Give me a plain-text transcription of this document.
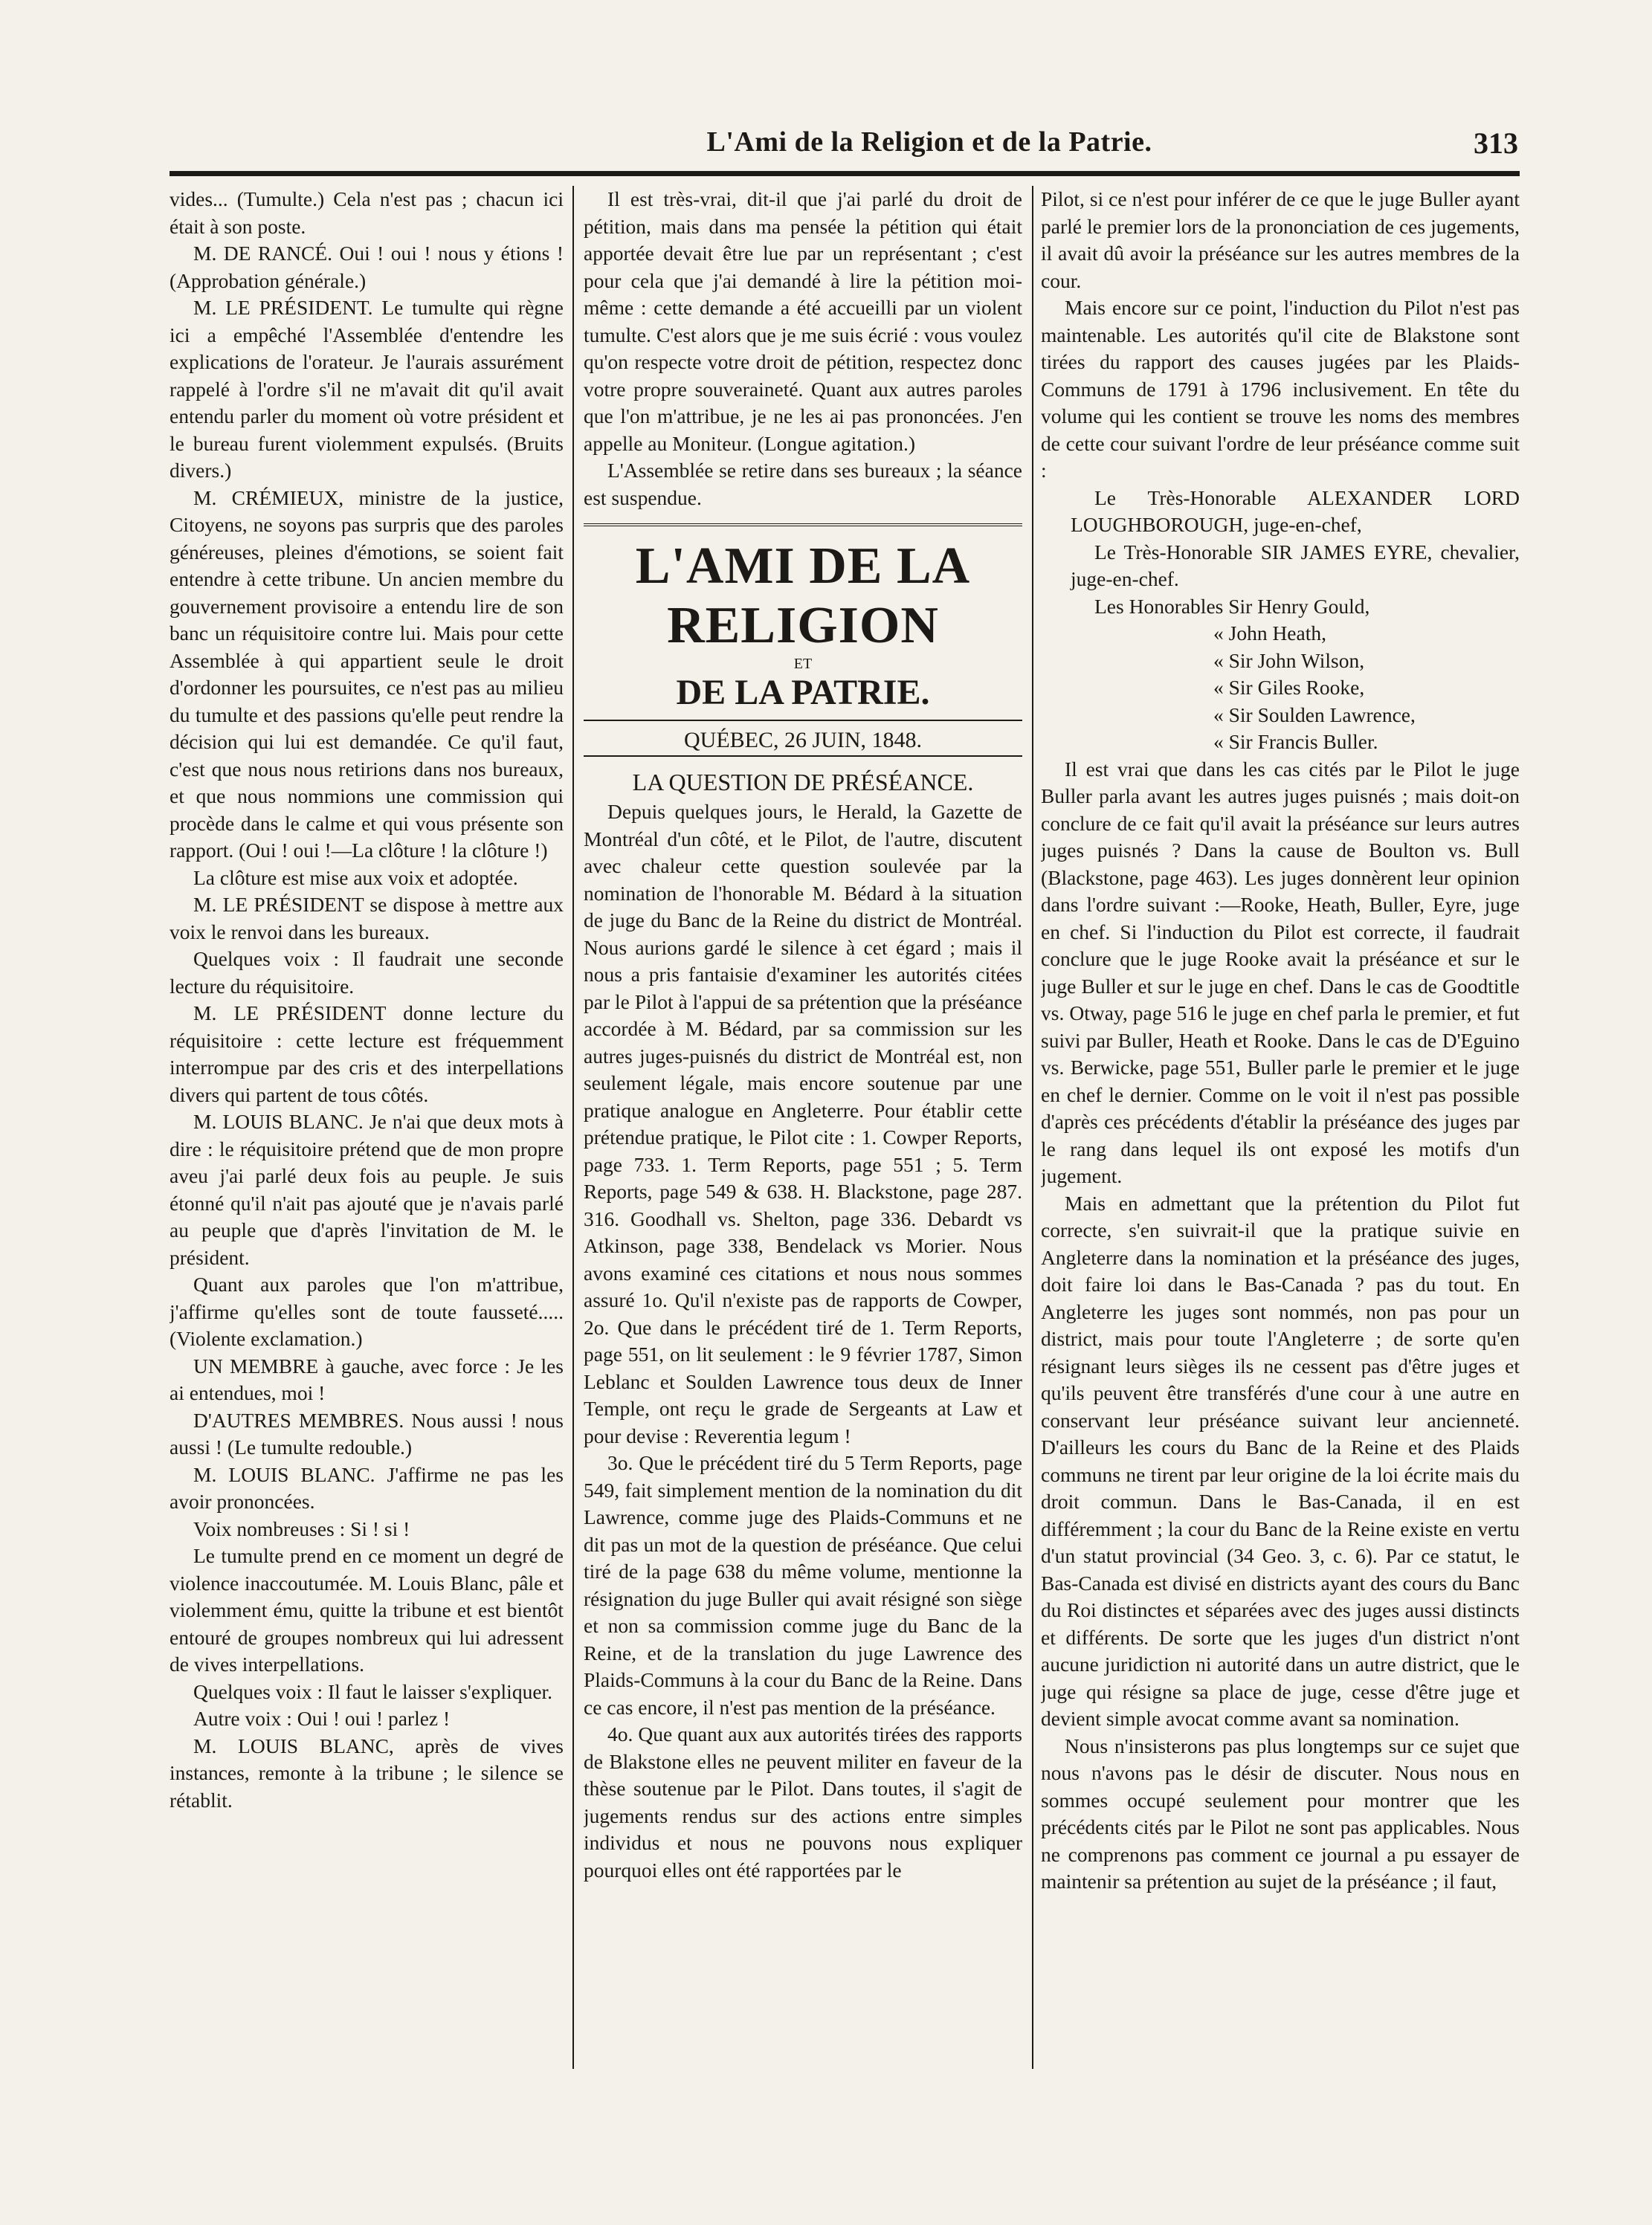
L'Ami de la Religion et de la Patrie.	313

vides... (Tumulte.) Cela n'est pas ; chacun ici était à son poste.

M. DE RANCÉ. Oui ! oui ! nous y étions ! (Approbation générale.)

M. LE PRÉSIDENT. Le tumulte qui règne ici a empêché l'Assemblée d'entendre les explications de l'orateur. Je l'aurais assurément rappelé à l'ordre s'il ne m'avait dit qu'il avait entendu parler du moment où votre président et le bureau furent violemment expulsés. (Bruits divers.)

M. CRÉMIEUX, ministre de la justice, Citoyens, ne soyons pas surpris que des paroles généreuses, pleines d'émotions, se soient fait entendre à cette tribune. Un ancien membre du gouvernement provisoire a entendu lire de son banc un réquisitoire contre lui. Mais pour cette Assemblée à qui appartient seule le droit d'ordonner les poursuites, ce n'est pas au milieu du tumulte et des passions qu'elle peut rendre la décision qui lui est demandée. Ce qu'il faut, c'est que nous nous retirions dans nos bureaux, et que nous nommions une commission qui procède dans le calme et qui vous présente son rapport. (Oui ! oui !—La clôture ! la clôture !)

La clôture est mise aux voix et adoptée.

M. LE PRÉSIDENT se dispose à mettre aux voix le renvoi dans les bureaux.

Quelques voix : Il faudrait une seconde lecture du réquisitoire.

M. LE PRÉSIDENT donne lecture du réquisitoire : cette lecture est fréquemment interrompue par des cris et des interpellations divers qui partent de tous côtés.

M. LOUIS BLANC. Je n'ai que deux mots à dire : le réquisitoire prétend que de mon propre aveu j'ai parlé deux fois au peuple. Je suis étonné qu'il n'ait pas ajouté que je n'avais parlé au peuple que d'après l'invitation de M. le président.

Quant aux paroles que l'on m'attribue, j'affirme qu'elles sont de toute fausseté..... (Violente exclamation.)

UN MEMBRE à gauche, avec force : Je les ai entendues, moi !

D'AUTRES MEMBRES. Nous aussi ! nous aussi ! (Le tumulte redouble.)

M. LOUIS BLANC. J'affirme ne pas les avoir prononcées.

Voix nombreuses : Si ! si !

Le tumulte prend en ce moment un degré de violence inaccoutumée. M. Louis Blanc, pâle et violemment ému, quitte la tribune et est bientôt entouré de groupes nombreux qui lui adressent de vives interpellations.

Quelques voix : Il faut le laisser s'expliquer.

Autre voix : Oui ! oui ! parlez !

M. LOUIS BLANC, après de vives instances, remonte à la tribune ; le silence se rétablit.

Il est très-vrai, dit-il que j'ai parlé du droit de pétition, mais dans ma pensée la pétition qui était apportée devait être lue par un représentant ; c'est pour cela que j'ai demandé à lire la pétition moi-même : cette demande a été accueilli par un violent tumulte. C'est alors que je me suis écrié : vous voulez qu'on respecte votre droit de pétition, respectez donc votre propre souveraineté. Quant aux autres paroles que l'on m'attribue, je ne les ai pas prononcées. J'en appelle au Moniteur. (Longue agitation.)

L'Assemblée se retire dans ses bureaux ; la séance est suspendue.

L'AMI DE LA RELIGION
ET
DE LA PATRIE.
QUÉBEC, 26 JUIN, 1848.
LA QUESTION DE PRÉSÉANCE.

Depuis quelques jours, le Herald, la Gazette de Montréal d'un côté, et le Pilot, de l'autre, discutent avec chaleur cette question soulevée par la nomination de l'honorable M. Bédard à la situation de juge du Banc de la Reine du district de Montréal. Nous aurions gardé le silence à cet égard ; mais il nous a pris fantaisie d'examiner les autorités citées par le Pilot à l'appui de sa prétention que la préséance accordée à M. Bédard, par sa commission sur les autres juges-puisnés du district de Montréal est, non seulement légale, mais encore soutenue par une pratique analogue en Angleterre. Pour établir cette prétendue pratique, le Pilot cite : 1. Cowper Reports, page 733. 1. Term Reports, page 551 ; 5. Term Reports, page 549 & 638. H. Blackstone, page 287. 316. Goodhall vs. Shelton, page 336. Debardt vs Atkinson, page 338, Bendelack vs Morier. Nous avons examiné ces citations et nous nous sommes assuré 1o. Qu'il n'existe pas de rapports de Cowper, 2o. Que dans le précédent tiré de 1. Term Reports, page 551, on lit seulement : le 9 février 1787, Simon Leblanc et Soulden Lawrence tous deux de Inner Temple, ont reçu le grade de Sergeants at Law et pour devise : Reverentia legum !

3o. Que le précédent tiré du 5 Term Reports, page 549, fait simplement mention de la nomination du dit Lawrence, comme juge des Plaids-Communs et ne dit pas un mot de la question de préséance. Que celui tiré de la page 638 du même volume, mentionne la résignation du juge Buller qui avait résigné son siège et non sa commission comme juge du Banc de la Reine, et de la translation du juge Lawrence des Plaids-Communs à la cour du Banc de la Reine. Dans ce cas encore, il n'est pas mention de la préséance.

4o. Que quant aux aux autorités tirées des rapports de Blakstone elles ne peuvent militer en faveur de la thèse soutenue par le Pilot. Dans toutes, il s'agit de jugements rendus sur des actions entre simples individus et nous ne pouvons nous expliquer pourquoi elles ont été rapportées par le

Pilot, si ce n'est pour inférer de ce que le juge Buller ayant parlé le premier lors de la prononciation de ces jugements, il avait dû avoir la préséance sur les autres membres de la cour.

Mais encore sur ce point, l'induction du Pilot n'est pas maintenable. Les autorités qu'il cite de Blakstone sont tirées du rapport des causes jugées par les Plaids-Communs de 1791 à 1796 inclusivement. En tête du volume qui les contient se trouve les noms des membres de cette cour suivant l'ordre de leur préséance comme suit :

Le Très-Honorable ALEXANDER LORD LOUGHBOROUGH, juge-en-chef,

Le Très-Honorable SIR JAMES EYRE, chevalier, juge-en-chef.

Les Honorables Sir Henry Gould,

« John Heath,

« Sir John Wilson,

« Sir Giles Rooke,

« Sir Soulden Lawrence,

« Sir Francis Buller.

Il est vrai que dans les cas cités par le Pilot le juge Buller parla avant les autres juges puisnés ; mais doit-on conclure de ce fait qu'il avait la préséance sur leurs autres juges puisnés ? Dans la cause de Boulton vs. Bull (Blackstone, page 463). Les juges donnèrent leur opinion dans l'ordre suivant :—Rooke, Heath, Buller, Eyre, juge en chef. Si l'induction du Pilot est correcte, il faudrait conclure que le juge Rooke avait la préséance et sur le juge Buller et sur le juge en chef. Dans le cas de Goodtitle vs. Otway, page 516 le juge en chef parla le premier, et fut suivi par Buller, Heath et Rooke. Dans le cas de D'Eguino vs. Berwicke, page 551, Buller parle le premier et le juge en chef le dernier. Comme on le voit il n'est pas possible d'après ces précédents d'établir la préséance des juges par le rang dans lequel ils ont exposé les motifs d'un jugement.

Mais en admettant que la prétention du Pilot fut correcte, s'en suivrait-il que la pratique suivie en Angleterre dans la nomination et la préséance des juges, doit faire loi dans le Bas-Canada ? pas du tout. En Angleterre les juges sont nommés, non pas pour un district, mais pour toute l'Angleterre ; de sorte qu'en résignant leurs sièges ils ne cessent pas d'être juges et qu'ils peuvent être transférés d'une cour à une autre en conservant leur préséance suivant leur ancienneté. D'ailleurs les cours du Banc de la Reine et des Plaids communs ne tirent par leur origine de la loi écrite mais du droit commun. Dans le Bas-Canada, il en est différemment ; la cour du Banc de la Reine existe en vertu d'un statut provincial (34 Geo. 3, c. 6). Par ce statut, le Bas-Canada est divisé en districts ayant des cours du Banc du Roi distinctes et séparées avec des juges aussi distincts et différents. De sorte que les juges d'un district n'ont aucune juridiction ni autorité dans un autre district, que le juge qui résigne sa place de juge, cesse d'être juge et devient simple avocat comme avant sa nomination.

Nous n'insisterons pas plus longtemps sur ce sujet que nous n'avons pas le désir de discuter. Nous nous en sommes occupé seulement pour montrer que les précédents cités par le Pilot ne sont pas applicables. Nous ne comprenons pas comment ce journal a pu essayer de maintenir sa prétention au sujet de la préséance ; il faut,
